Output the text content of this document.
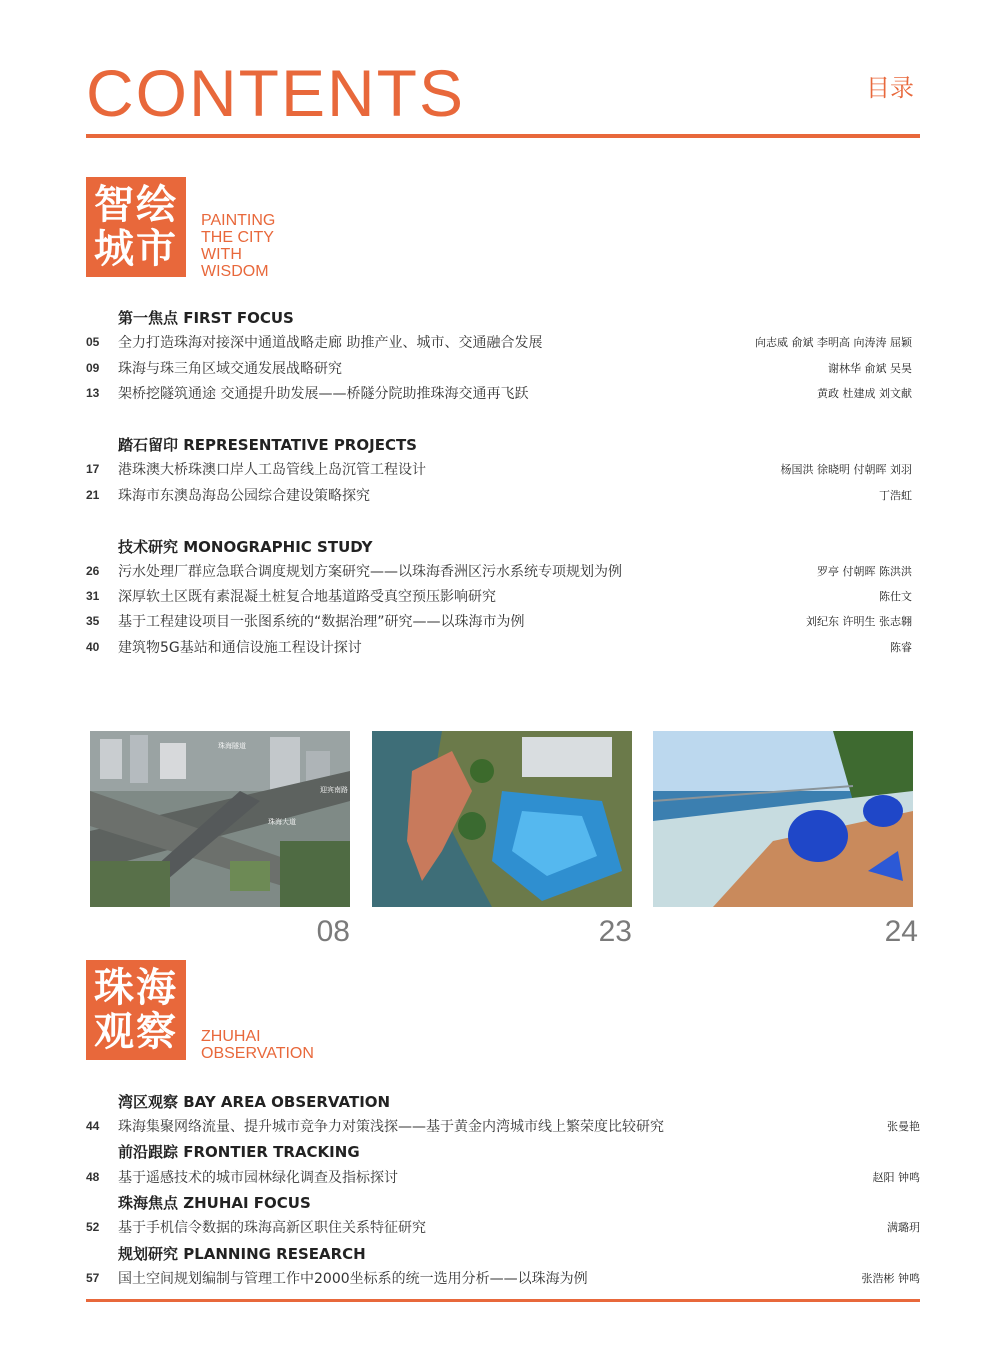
CONTENTS	目录
智绘
城市
PAINTING
THE CITY
WITH
WISDOM
第一焦点 FIRST FOCUS
05	全力打造珠海对接深中通道战略走廊 助推产业、城市、交通融合发展	向志威 俞斌 李明高 向涛涛 屈颖
09	珠海与珠三角区域交通发展战略研究	谢林华 俞斌 吴昊
13	架桥挖隧筑通途 交通提升助发展——桥隧分院助推珠海交通再飞跃	黄政 杜建成 刘文献
踏石留印 REPRESENTATIVE PROJECTS
17	港珠澳大桥珠澳口岸人工岛管线上岛沉管工程设计	杨国洪 徐晓明 付朝晖 刘羽
21	珠海市东澳岛海岛公园综合建设策略探究	丁浩虹
技术研究 MONOGRAPHIC STUDY
26	污水处理厂群应急联合调度规划方案研究——以珠海香洲区污水系统专项规划为例	罗亭 付朝晖 陈洪洪
31	深厚软土区既有素混凝土桩复合地基道路受真空预压影响研究	陈仕文
35	基于工程建设项目一张图系统的“数据治理”研究——以珠海市为例	刘纪东 许明生 张志翱
40	建筑物5G基站和通信设施工程设计探讨	陈睿
珠海隧道
珠海大道
迎宾南路
08	23	24
珠海
观察	ZHUHAI
OBSERVATION
湾区观察 BAY AREA OBSERVATION
44	珠海集聚网络流量、提升城市竞争力对策浅探——基于黄金内湾城市线上繁荣度比较研究	张曼艳
前沿跟踪 FRONTIER TRACKING
48	基于遥感技术的城市园林绿化调查及指标探讨	赵阳 钟鸣
珠海焦点 ZHUHAI FOCUS
52	基于手机信令数据的珠海高新区职住关系特征研究	满璐玥
规划研究 PLANNING RESEARCH
57	国土空间规划编制与管理工作中2000坐标系的统一选用分析——以珠海为例	张浩彬 钟鸣
